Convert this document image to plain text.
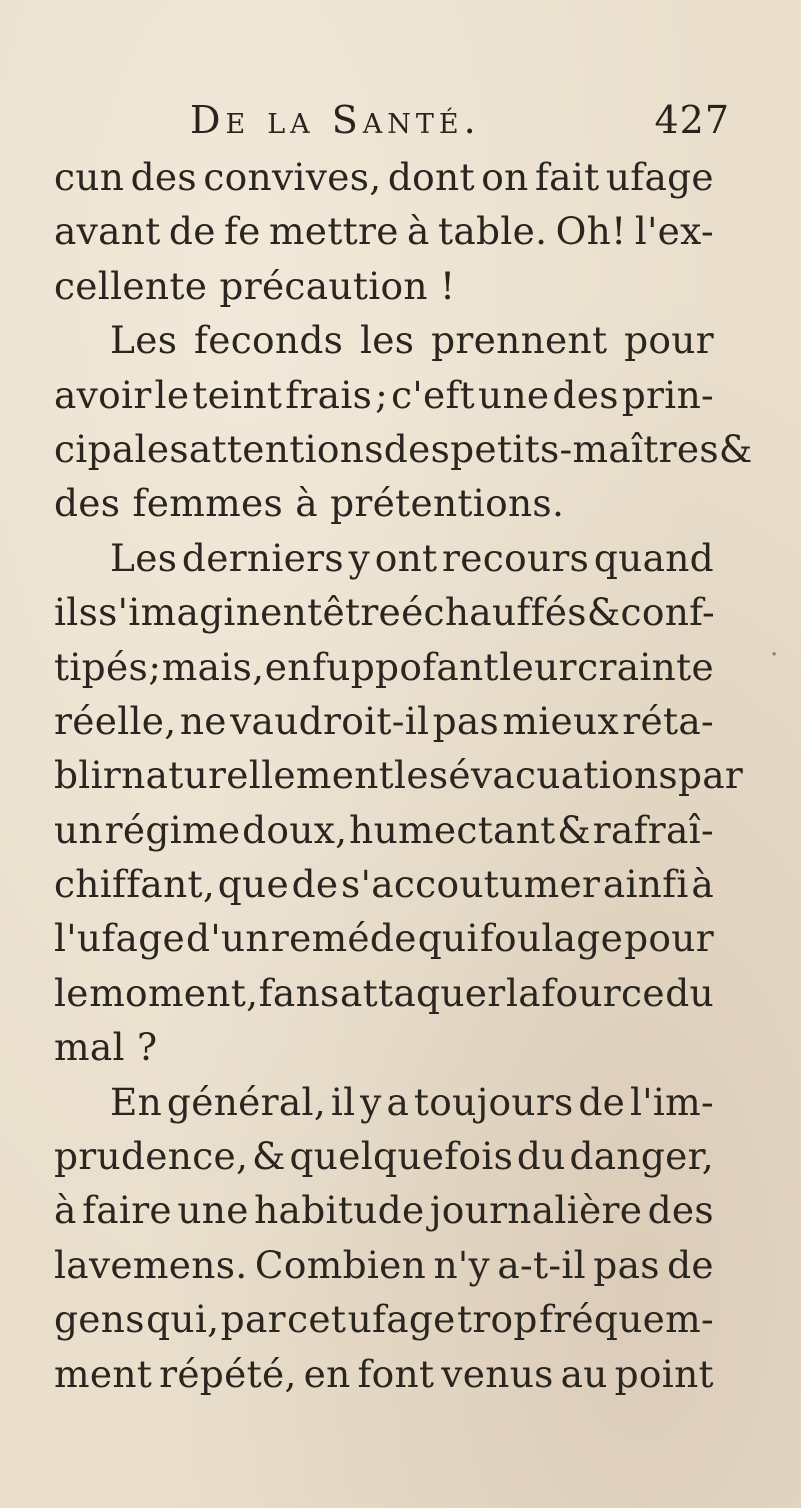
De la Santé.	427
cun des convives, dont on fait ufage
avant de fe mettre à table. Oh! l'ex-
cellente précaution !
Les feconds les prennent pour
avoir le teint frais ; c'eft une des prin-
cipales attentions des petits-maîtres &
des femmes à prétentions.
Les derniers y ont recours quand
ils s'imaginent être échauffés & conf-
tipés ; mais, en fuppofant leur crainte
réelle, ne vaudroit-il pas mieux réta-
blir naturellement les évacuations par
un régime doux, humectant & rafraî-
chiffant, que de s'accoutumer ainfi à
l'ufage d'un reméde qui foulage pour
le moment, fans attaquer la fource du
mal ?
En général, il y a toujours de l'im-
prudence, & quelquefois du danger,
à faire une habitude journalière des
lavemens. Combien n'y a-t-il pas de
gens qui, par cet ufage trop fréquem-
ment répété, en font venus au point
·
